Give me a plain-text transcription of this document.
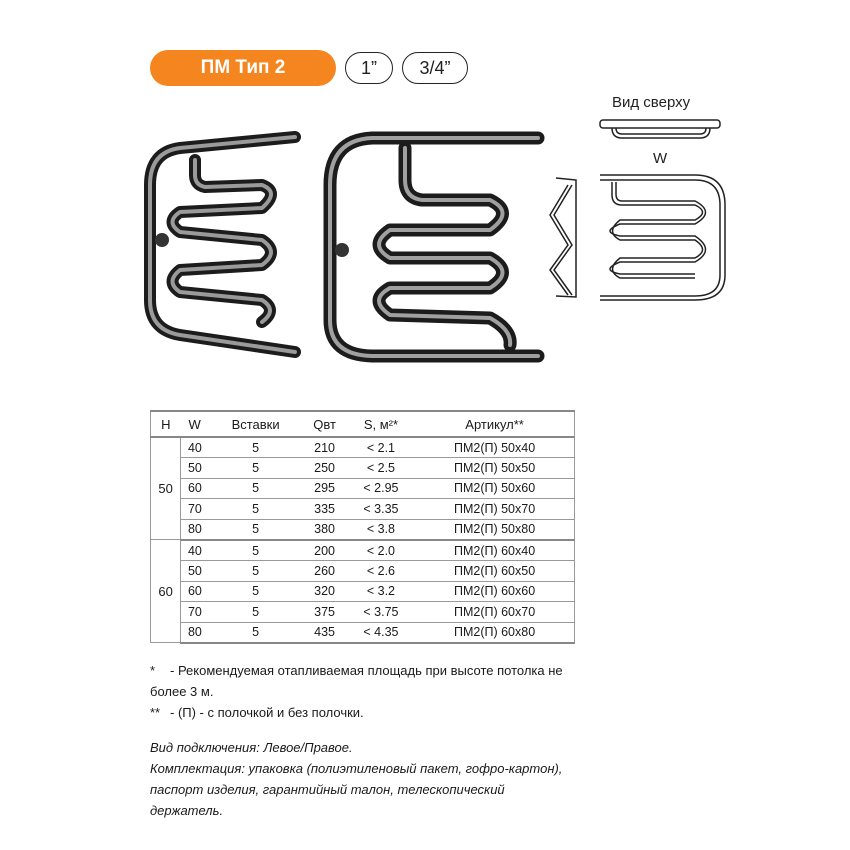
ПМ Тип 2	1” 3/4”
Вид сверху
W
H	W	Вставки	Qвт	S, м²*	Артикул**
50	40	5	210	< 2.1	ПМ2(П) 50х40
	50	5	250	< 2.5	ПМ2(П) 50х50
	60	5	295	< 2.95	ПМ2(П) 50х60
	70	5	335	< 3.35	ПМ2(П) 50х70
	80	5	380	< 3.8	ПМ2(П) 50х80
60	40	5	200	< 2.0	ПМ2(П) 60х40
	50	5	260	< 2.6	ПМ2(П) 60х50
	60	5	320	< 3.2	ПМ2(П) 60х60
	70	5	375	< 3.75	ПМ2(П) 60х70
	80	5	435	< 4.35	ПМ2(П) 60х80
* - Рекомендуемая отапливаемая площадь при высоте потолка не более 3 м.
** - (П) - с полочкой и без полочки.
Вид подключения: Левое/Правое.
Комплектация: упаковка (полиэтиленовый пакет, гофро-картон), паспорт изделия, гарантийный талон, телескопический держатель.
